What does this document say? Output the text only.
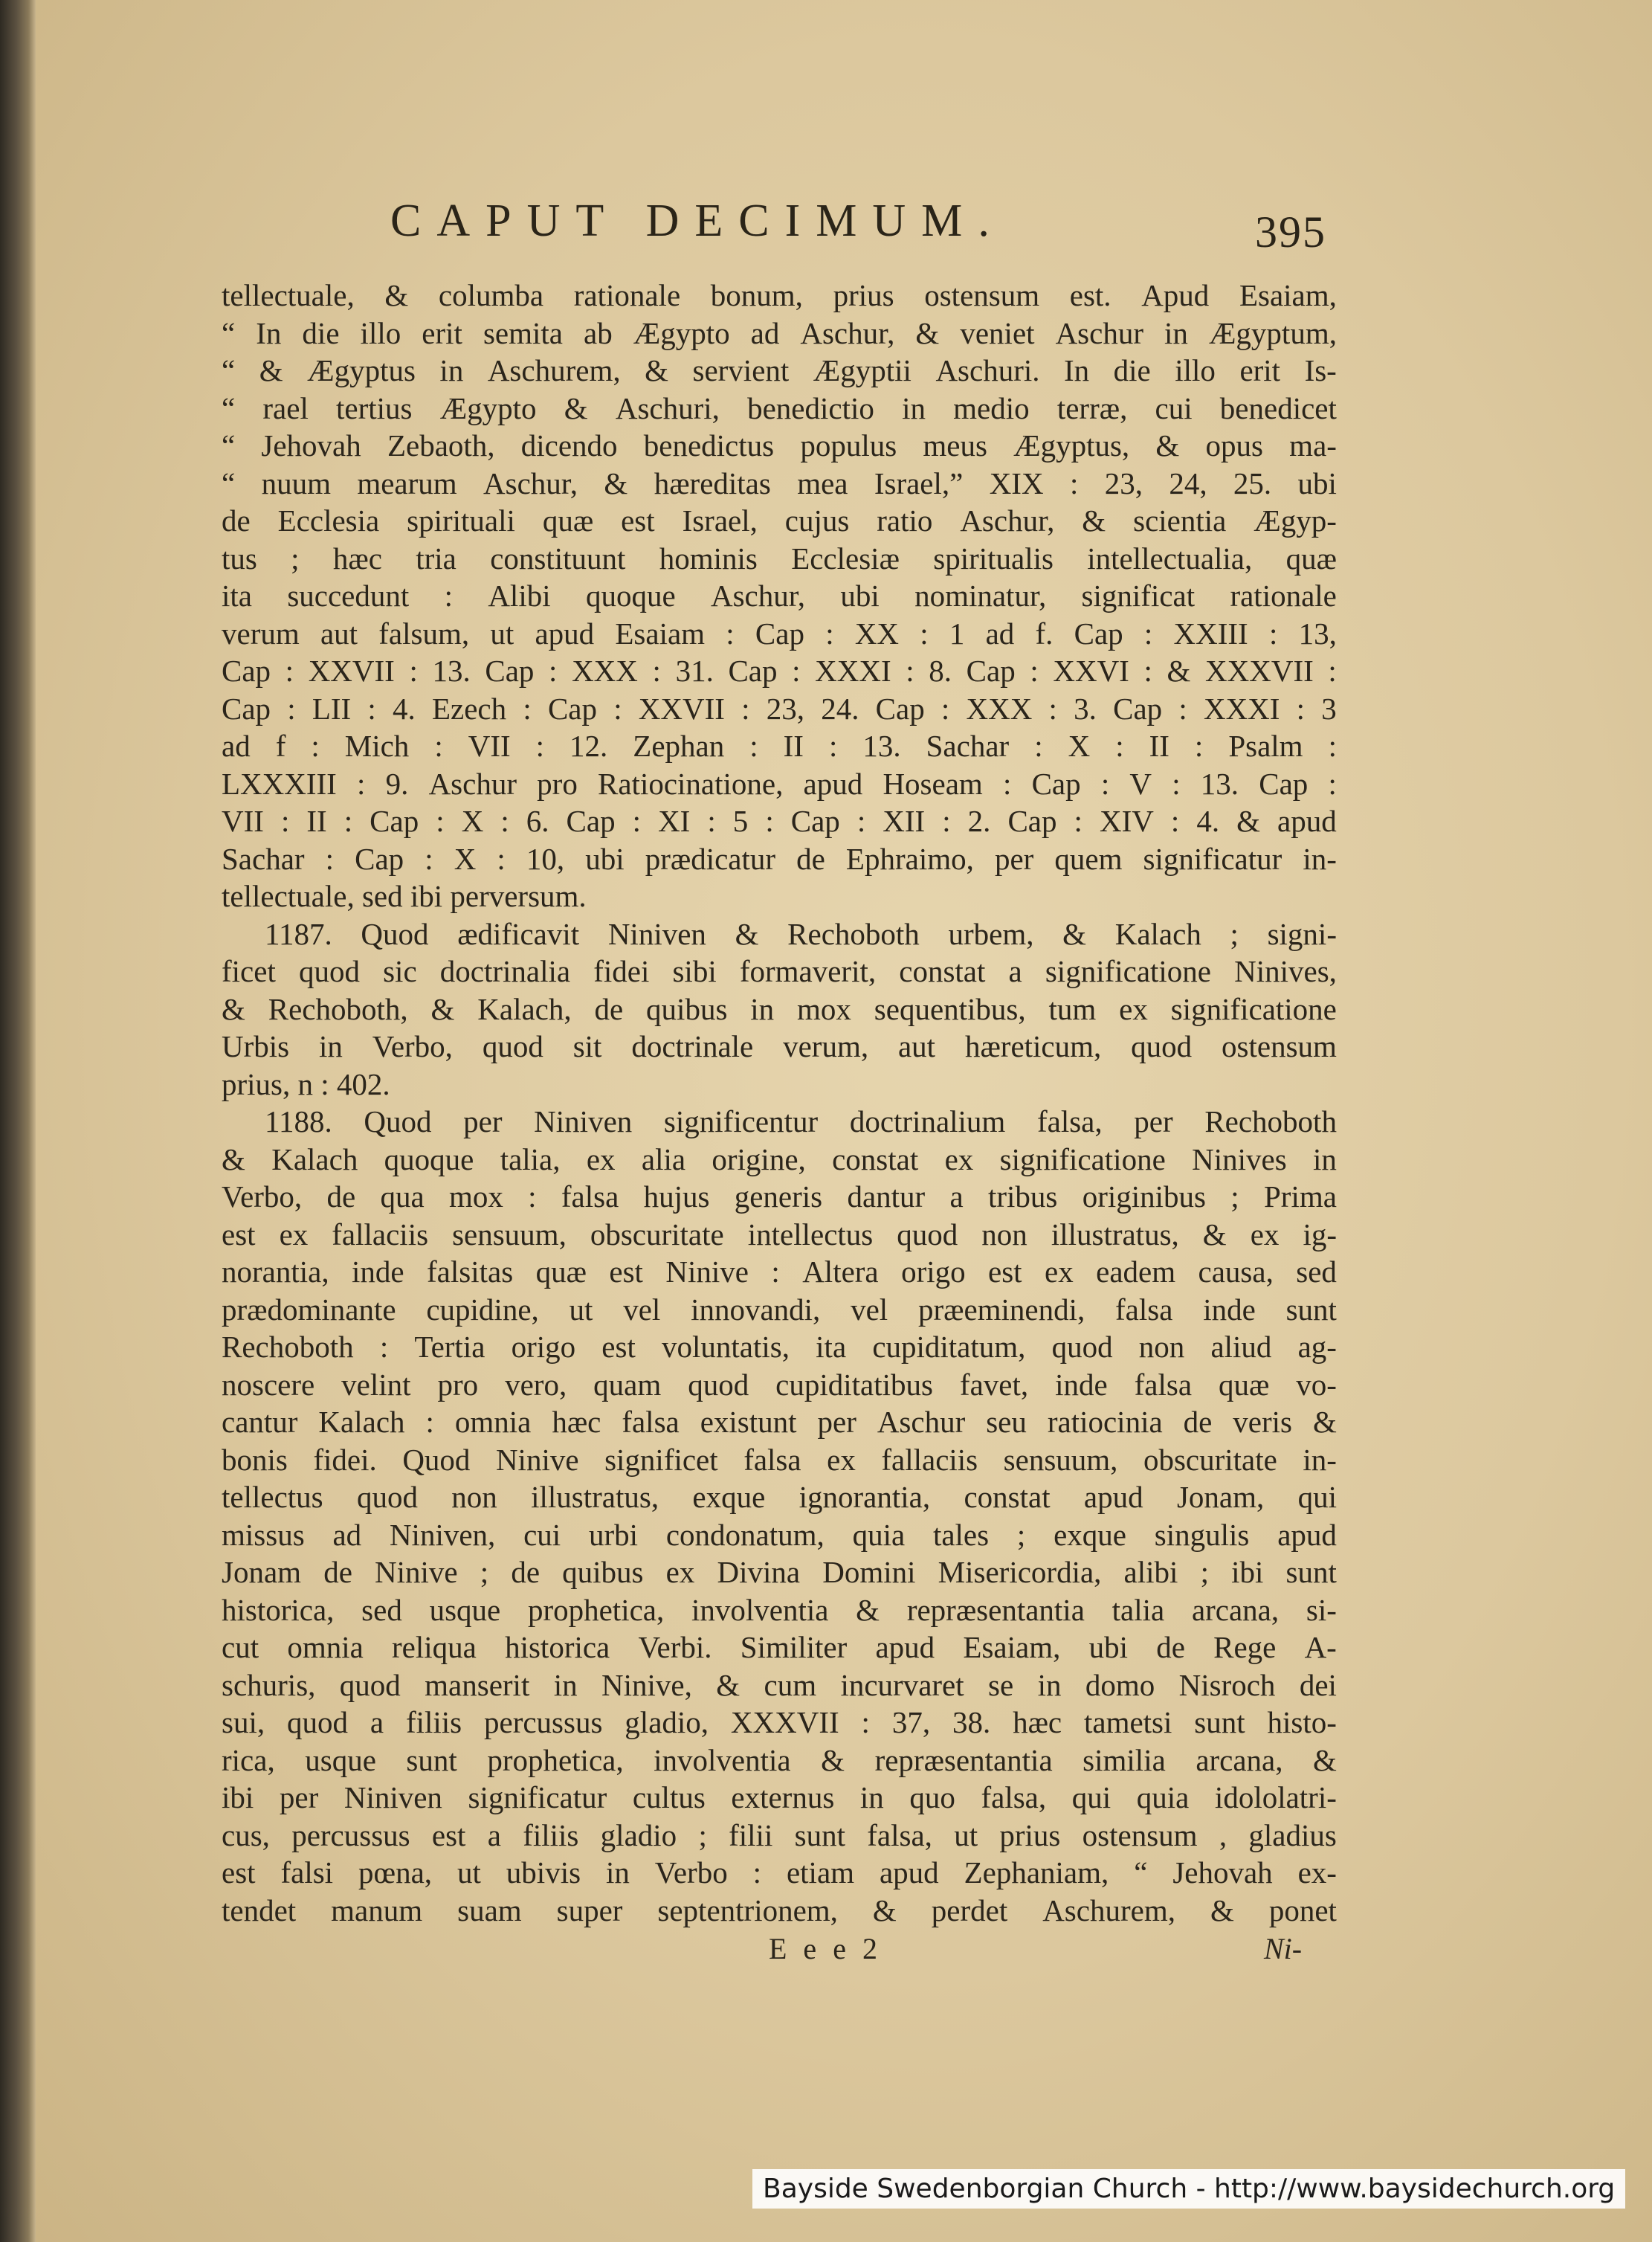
CAPUT DECIMUM.	395
tellectuale, & columba rationale bonum, prius ostensum est. Apud Esaiam,
“ In die illo erit semita ab Ægypto ad Aschur, & veniet Aschur in Ægyptum,
“ & Ægyptus in Aschurem, & servient Ægyptii Aschuri. In die illo erit Is-
“ rael tertius Ægypto & Aschuri, benedictio in medio terræ, cui benedicet
“ Jehovah Zebaoth, dicendo benedictus populus meus Ægyptus, & opus ma-
“ nuum mearum Aschur, & hæreditas mea Israel,” XIX : 23, 24, 25. ubi
de Ecclesia spirituali quæ est Israel, cujus ratio Aschur, & scientia Ægyp-
tus ; hæc tria constituunt hominis Ecclesiæ spiritualis intellectualia, quæ
ita succedunt : Alibi quoque Aschur, ubi nominatur, significat rationale
verum aut falsum, ut apud Esaiam : Cap : XX : 1 ad f. Cap : XXIII : 13,
Cap : XXVII : 13. Cap : XXX : 31. Cap : XXXI : 8. Cap : XXVI : & XXXVII :
Cap : LII : 4. Ezech : Cap : XXVII : 23, 24. Cap : XXX : 3. Cap : XXXI : 3
ad f : Mich : VII : 12. Zephan : II : 13. Sachar : X : II : Psalm :
LXXXIII : 9. Aschur pro Ratiocinatione, apud Hoseam : Cap : V : 13. Cap :
VII : II : Cap : X : 6. Cap : XI : 5 : Cap : XII : 2. Cap : XIV : 4. & apud
Sachar : Cap : X : 10, ubi prædicatur de Ephraimo, per quem significatur in-
tellectuale, sed ibi perversum.
1187. Quod ædificavit Niniven & Rechoboth urbem, & Kalach ; signi-
ficet quod sic doctrinalia fidei sibi formaverit, constat a significatione Ninives,
& Rechoboth, & Kalach, de quibus in mox sequentibus, tum ex significatione
Urbis in Verbo, quod sit doctrinale verum, aut hæreticum, quod ostensum
prius, n : 402.
1188. Quod per Niniven significentur doctrinalium falsa, per Rechoboth
& Kalach quoque talia, ex alia origine, constat ex significatione Ninives in
Verbo, de qua mox : falsa hujus generis dantur a tribus originibus ; Prima
est ex fallaciis sensuum, obscuritate intellectus quod non illustratus, & ex ig-
norantia, inde falsitas quæ est Ninive : Altera origo est ex eadem causa, sed
prædominante cupidine, ut vel innovandi, vel præeminendi, falsa inde sunt
Rechoboth : Tertia origo est voluntatis, ita cupiditatum, quod non aliud ag-
noscere velint pro vero, quam quod cupiditatibus favet, inde falsa quæ vo-
cantur Kalach : omnia hæc falsa existunt per Aschur seu ratiocinia de veris &
bonis fidei. Quod Ninive significet falsa ex fallaciis sensuum, obscuritate in-
tellectus quod non illustratus, exque ignorantia, constat apud Jonam, qui
missus ad Niniven, cui urbi condonatum, quia tales ; exque singulis apud
Jonam de Ninive ; de quibus ex Divina Domini Misericordia, alibi ; ibi sunt
historica, sed usque prophetica, involventia & repræsentantia talia arcana, si-
cut omnia reliqua historica Verbi. Similiter apud Esaiam, ubi de Rege A-
schuris, quod manserit in Ninive, & cum incurvaret se in domo Nisroch dei
sui, quod a filiis percussus gladio, XXXVII : 37, 38. hæc tametsi sunt histo-
rica, usque sunt prophetica, involventia & repræsentantia similia arcana, &
ibi per Niniven significatur cultus externus in quo falsa, qui quia idololatri-
cus, percussus est a filiis gladio ; filii sunt falsa, ut prius ostensum , gladius
est falsi pœna, ut ubivis in Verbo : etiam apud Zephaniam, “ Jehovah ex-
tendet manum suam super septentrionem, & perdet Aschurem, & ponet
E e e 2	Ni-
Bayside Swedenborgian Church - http://www.baysidechurch.org
